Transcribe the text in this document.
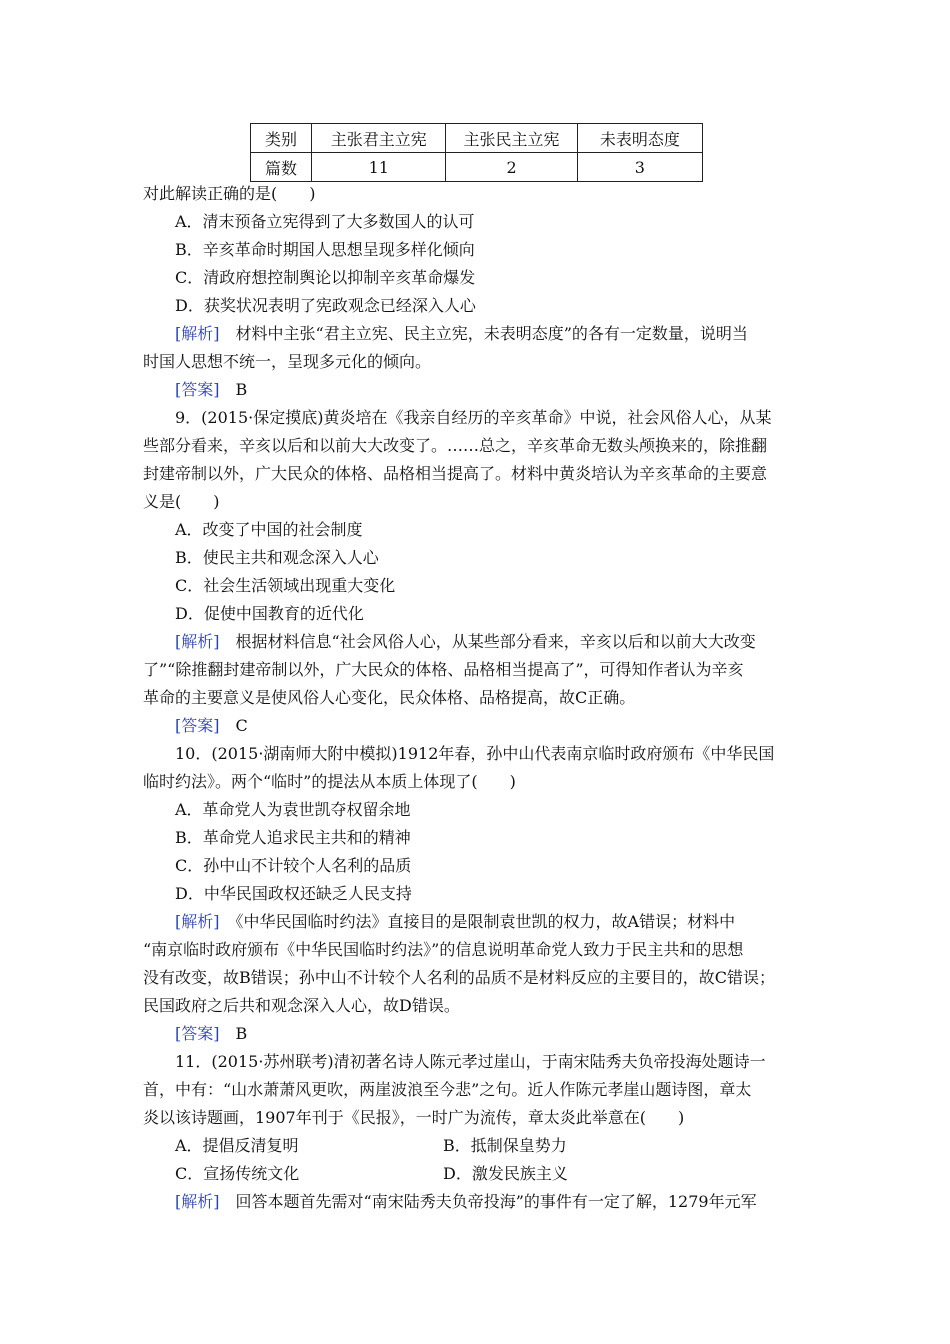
类别	主张君主立宪	主张民主立宪	未表明态度
篇数	11	2	3
对此解读正确的是(　　)
A．清末预备立宪得到了大多数国人的认可
B．辛亥革命时期国人思想呈现多样化倾向
C．清政府想控制舆论以抑制辛亥革命爆发
D．获奖状况表明了宪政观念已经深入人心
[解析]　 材料中主张“君主立宪、民主立宪，未表明态度”的各有一定数量，说明当
时国人思想不统一，呈现多元化的倾向。
[答案]　 B
9．(2015·保定摸底)黄炎培在《我亲自经历的辛亥革命》中说，社会风俗人心，从某
些部分看来，辛亥以后和以前大大改变了。……总之，辛亥革命无数头颅换来的，除推翻
封建帝制以外，广大民众的体格、品格相当提高了。材料中黄炎培认为辛亥革命的主要意
义是(　　)
A．改变了中国的社会制度
B．使民主共和观念深入人心
C．社会生活领域出现重大变化
D．促使中国教育的近代化
[解析]　 根据材料信息“社会风俗人心，从某些部分看来，辛亥以后和以前大大改变
了”“除推翻封建帝制以外，广大民众的体格、品格相当提高了”，可得知作者认为辛亥
革命的主要意义是使风俗人心变化，民众体格、品格提高，故C正确。
[答案]　 C
10．(2015·湖南师大附中模拟)1912年春，孙中山代表南京临时政府颁布《中华民国
临时约法》。两个“临时”的提法从本质上体现了(　　)
A．革命党人为袁世凯夺权留余地
B．革命党人追求民主共和的精神
C．孙中山不计较个人名利的品质
D．中华民国政权还缺乏人民支持
[解析]　 《中华民国临时约法》直接目的是限制袁世凯的权力，故A错误；材料中
“南京临时政府颁布《中华民国临时约法》”的信息说明革命党人致力于民主共和的思想
没有改变，故B错误；孙中山不计较个人名利的品质不是材料反应的主要目的，故C错误；
民国政府之后共和观念深入人心，故D错误。
[答案]　 B
11．(2015·苏州联考)清初著名诗人陈元孝过崖山，于南宋陆秀夫负帝投海处题诗一
首，中有：“山水萧萧风更吹，两崖波浪至今悲”之句。近人作陈元孝崖山题诗图，章太
炎以该诗题画，1907年刊于《民报》，一时广为流传，章太炎此举意在(　　)
A．提倡反清复明	B．抵制保皇势力
C．宣扬传统文化	D．激发民族主义
[解析]　 回答本题首先需对“南宋陆秀夫负帝投海”的事件有一定了解，1279年元军
